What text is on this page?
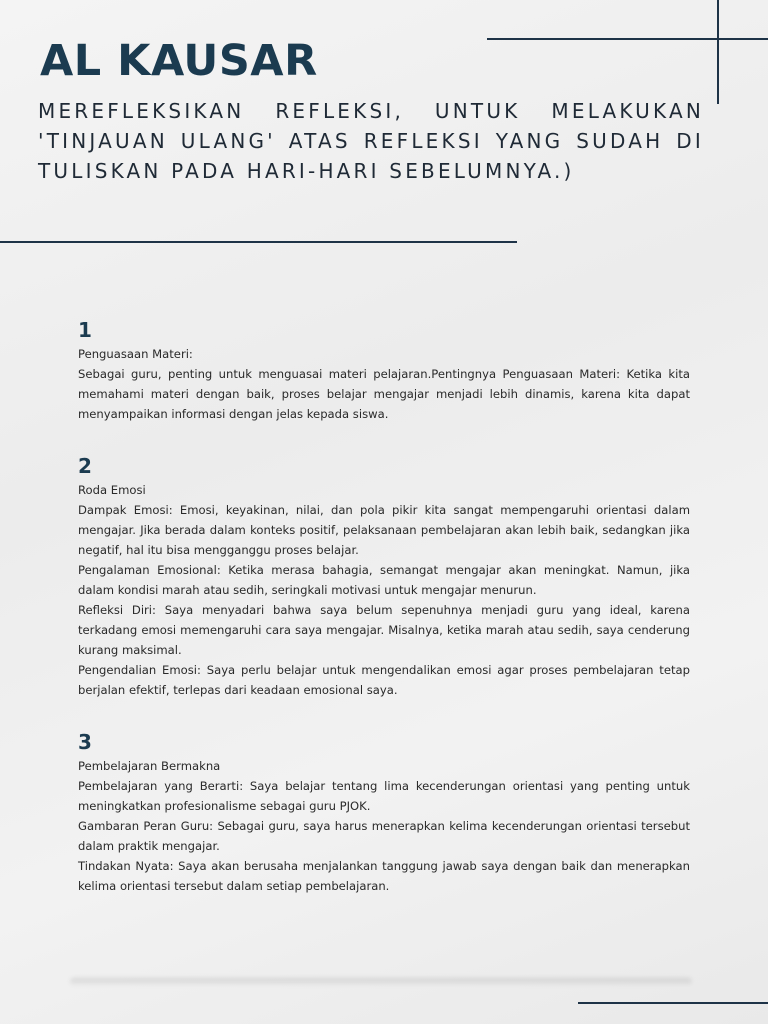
AL KAUSAR

MEREFLEKSIKAN REFLEKSI, UNTUK MELAKUKAN 'TINJAUAN ULANG' ATAS REFLEKSI YANG SUDAH DI TULISKAN PADA HARI-HARI SEBELUMNYA.)

1

Penguasaan Materi:

Sebagai guru, penting untuk menguasai materi pelajaran.Pentingnya Penguasaan Materi: Ketika kita memahami materi dengan baik, proses belajar mengajar menjadi lebih dinamis, karena kita dapat menyampaikan informasi dengan jelas kepada siswa.

2

Roda Emosi

Dampak Emosi: Emosi, keyakinan, nilai, dan pola pikir kita sangat mempengaruhi orientasi dalam mengajar. Jika berada dalam konteks positif, pelaksanaan pembelajaran akan lebih baik, sedangkan jika negatif, hal itu bisa mengganggu proses belajar.

Pengalaman Emosional: Ketika merasa bahagia, semangat mengajar akan meningkat. Namun, jika dalam kondisi marah atau sedih, seringkali motivasi untuk mengajar menurun.

Refleksi Diri: Saya menyadari bahwa saya belum sepenuhnya menjadi guru yang ideal, karena terkadang emosi memengaruhi cara saya mengajar. Misalnya, ketika marah atau sedih, saya cenderung kurang maksimal.

Pengendalian Emosi: Saya perlu belajar untuk mengendalikan emosi agar proses pembelajaran tetap berjalan efektif, terlepas dari keadaan emosional saya.

3

Pembelajaran Bermakna

Pembelajaran yang Berarti: Saya belajar tentang lima kecenderungan orientasi yang penting untuk meningkatkan profesionalisme sebagai guru PJOK.

Gambaran Peran Guru: Sebagai guru, saya harus menerapkan kelima kecenderungan orientasi tersebut dalam praktik mengajar.

Tindakan Nyata: Saya akan berusaha menjalankan tanggung jawab saya dengan baik dan menerapkan kelima orientasi tersebut dalam setiap pembelajaran.
